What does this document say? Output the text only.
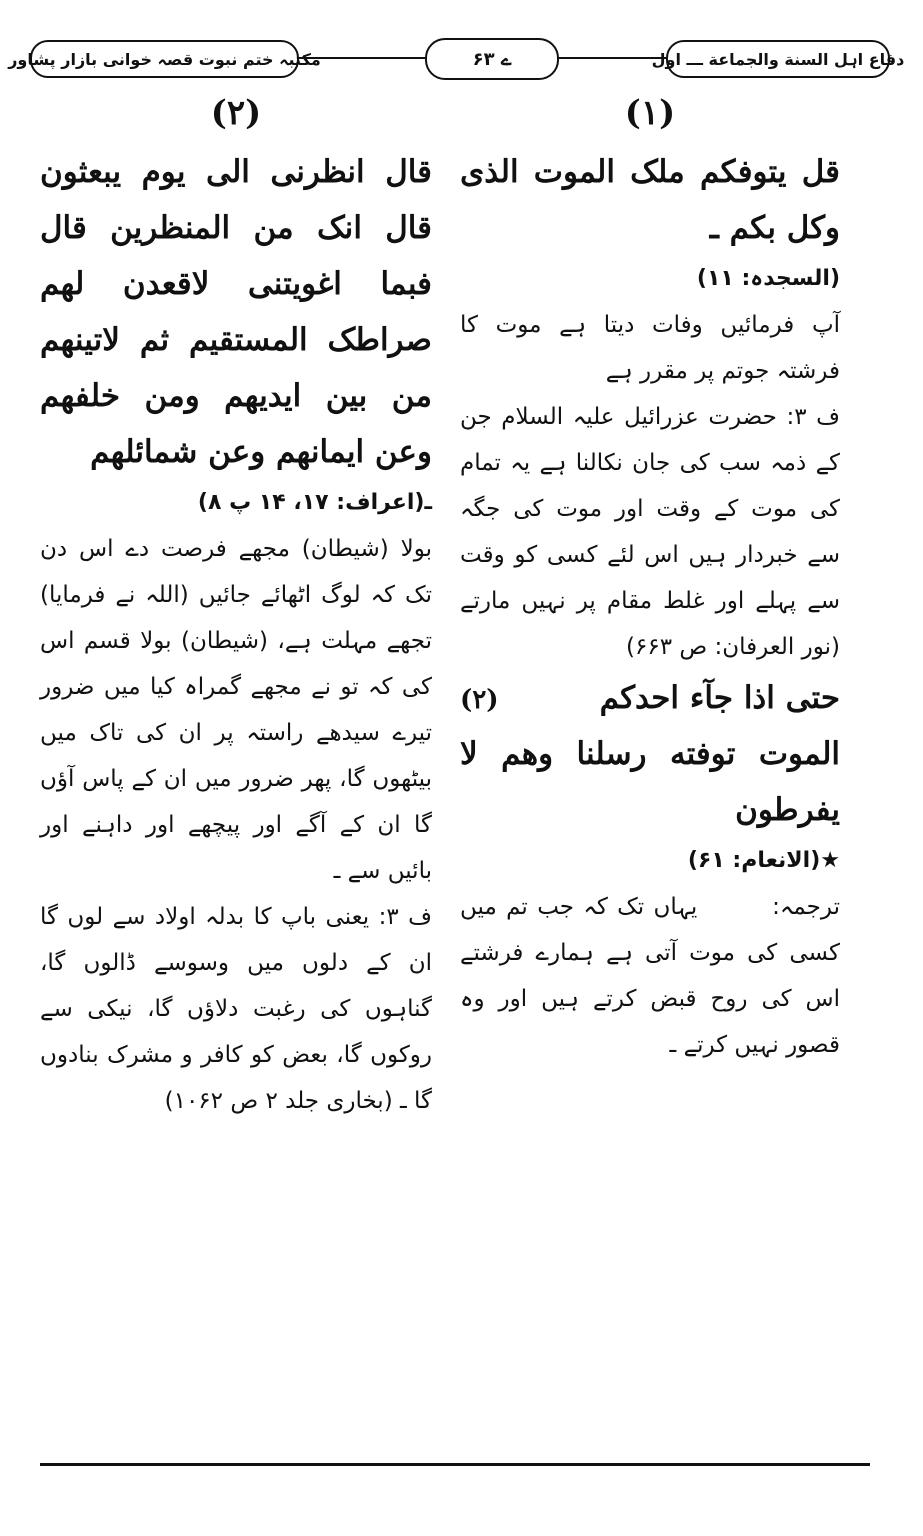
مکتبہ ختم نبوت قصہ خوانی بازار پشاور	ے ۶۳	دفاع اہل السنة والجماعة ـــ اول
(۱)
قل یتوفکم ملک الموت الذی وکل بکم ـ
(السجدہ: ۱۱)
آپ فرمائیں وفات دیتا ہے موت کا فرشتہ جوتم پر مقرر ہے
ف ۳: حضرت عزرائیل علیہ السلام جن کے ذمہ سب کی جان نکالنا ہے یہ تمام کی موت کے وقت اور موت کی جگہ سے خبردار ہیں اس لئے کسی کو وقت سے پہلے اور غلط مقام پر نہیں مارتے (نور العرفان: ص ۶۶۳)
حتی اذا جآء احدکم
(۲)
الموت توفته رسلنا وهم لا یفرطون
★(الانعام: ۶۱)
ترجمہ:        یہاں تک کہ جب تم میں کسی کی موت آتی ہے ہمارے فرشتے اس کی روح قبض کرتے ہیں اور وہ قصور نہیں کرتے ـ
(۲)
قال انظرنی الی یوم یبعثون قال انک من المنظرین قال فبما اغویتنی لاقعدن لهم صراطک المستقیم ثم لاتینهم من بین ایدیهم ومن خلفهم وعن ایمانهم وعن شمائلهم
ـ(اعراف: ۱۷، ۱۴ پ ۸)
بولا (شیطان) مجھے فرصت دے اس دن تک کہ لوگ اٹھائے جائیں (اللہ نے فرمایا) تجھے مہلت ہے، (شیطان) بولا قسم اس کی کہ تو نے مجھے گمراہ کیا میں ضرور تیرے سیدھے راستہ پر ان کی تاک میں بیٹھوں گا، پھر ضرور میں ان کے پاس آؤں گا ان کے آگے اور پیچھے اور داہنے اور بائیں سے ـ
ف ۳: یعنی باپ کا بدلہ اولاد سے لوں گا ان کے دلوں میں وسوسے ڈالوں گا، گناہوں کی رغبت دلاؤں گا، نیکی سے روکوں گا، بعض کو کافر و مشرک بنادوں گا ـ (بخاری جلد ۲ ص ۱۰۶۲)
